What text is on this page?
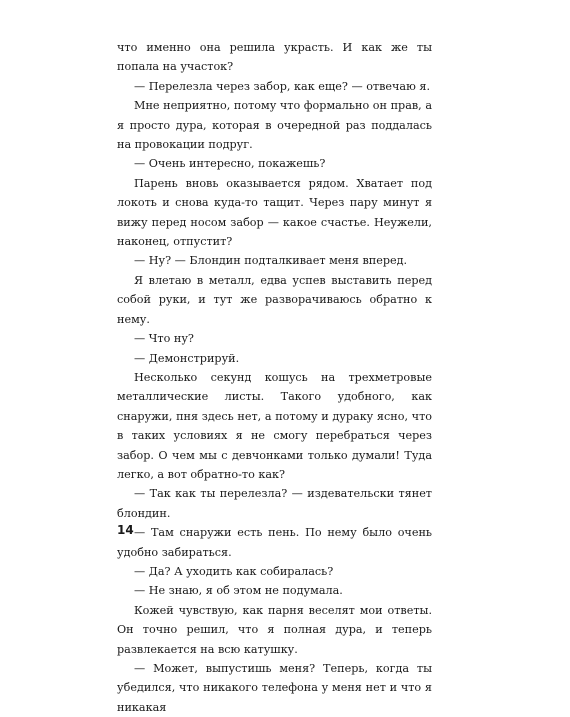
что именно она решила украсть. И как же ты попала на участок?

— Перелезла через забор, как еще? — отвечаю я.

Мне неприятно, потому что формально он прав, а я просто дура, которая в очередной раз поддалась на провокации подруг.

— Очень интересно, покажешь?

Парень вновь оказывается рядом. Хватает под локоть и снова куда-то тащит. Через пару минут я вижу перед носом забор — какое счастье. Неужели, наконец, отпустит?

— Ну? — Блондин подталкивает меня вперед.

Я влетаю в металл, едва успев выставить перед собой руки, и тут же разворачиваюсь обратно к нему.

— Что ну?

— Демонстрируй.

Несколько секунд кошусь на трехметровые металлические листы. Такого удобного, как снаружи, пня здесь нет, а потому и дураку ясно, что в таких условиях я не смогу перебраться через забор. О чем мы с девчонками только думали! Туда легко, а вот обратно-то как?

— Так как ты перелезла? — издевательски тянет блондин.

— Там снаружи есть пень. По нему было очень удобно забираться.

— Да? А уходить как собиралась?

— Не знаю, я об этом не подумала.

Кожей чувствую, как парня веселят мои ответы. Он точно решил, что я полная дура, и теперь развлекается на всю катушку.

— Может, выпустишь меня? Теперь, когда ты убедился, что никакого телефона у меня нет и что я никакая

14
